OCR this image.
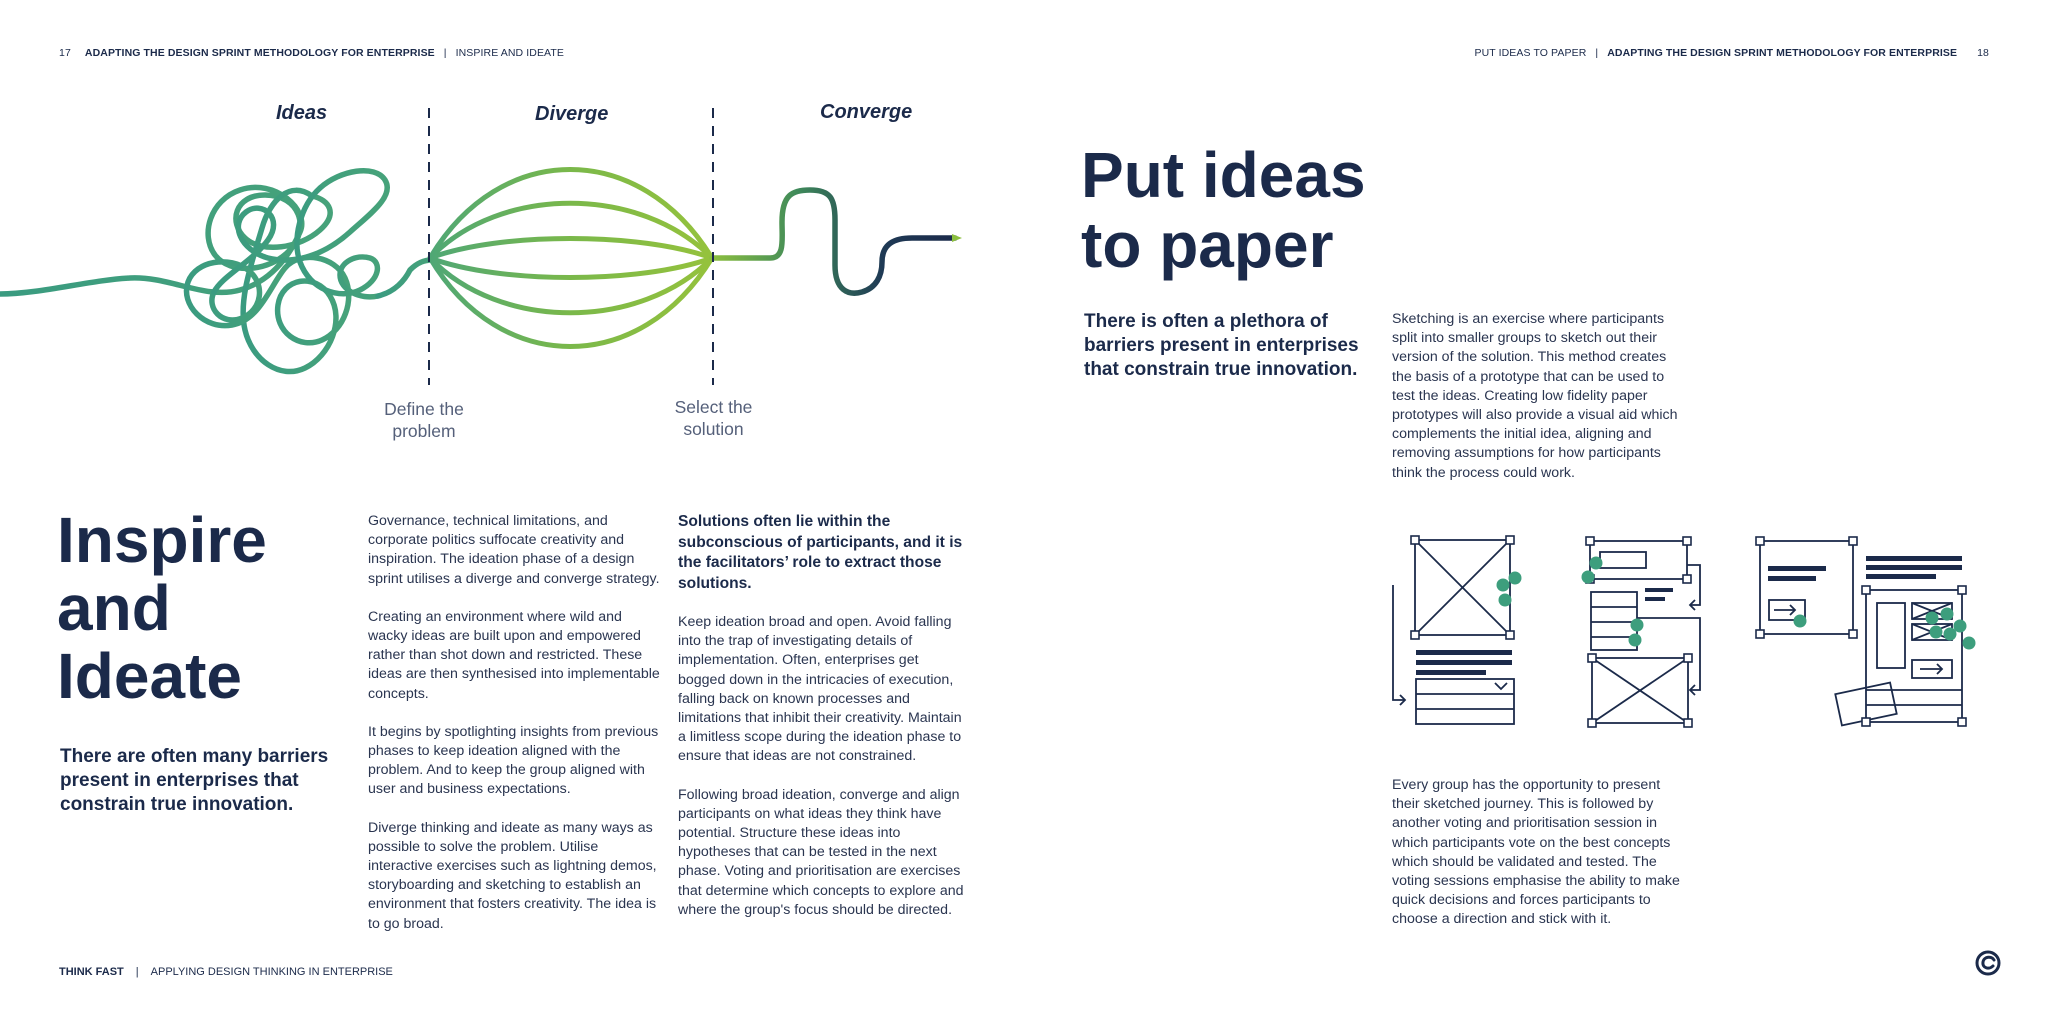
17 ADAPTING THE DESIGN SPRINT METHODOLOGY FOR ENTERPRISE | INSPIRE AND IDEATE	PUT IDEAS TO PAPER | ADAPTING THE DESIGN SPRINT METHODOLOGY FOR ENTERPRISE 18
Ideas	Diverge	Converge
Define the problem
Select the solution
Inspire
and
Ideate
There are often many barriers present in enterprises that constrain true innovation.

Governance, technical limitations, and corporate politics suffocate creativity and inspiration. The ideation phase of a design sprint utilises a diverge and converge strategy.

Creating an environment where wild and wacky ideas are built upon and empowered rather than shot down and restricted. These ideas are then synthesised into implementable concepts.

It begins by spotlighting insights from previous phases to keep ideation aligned with the problem. And to keep the group aligned with user and business expectations.

Diverge thinking and ideate as many ways as possible to solve the problem. Utilise interactive exercises such as lightning demos, storyboarding and sketching to establish an environment that fosters creativity. The idea is to go broad.

Solutions often lie within the subconscious of participants, and it is the facilitators’ role to extract those solutions.

Keep ideation broad and open. Avoid falling into the trap of investigating details of implementation. Often, enterprises get bogged down in the intricacies of execution, falling back on known processes and limitations that inhibit their creativity. Maintain a limitless scope during the ideation phase to ensure that ideas are not constrained.

Following broad ideation, converge and align participants on what ideas they think have potential. Structure these ideas into hypotheses that can be tested in the next phase. Voting and prioritisation are exercises that determine which concepts to explore and where the group's focus should be directed.

THINK FAST | APPLYING DESIGN THINKING IN ENTERPRISE
Put ideas
to paper
There is often a plethora of barriers present in enterprises that constrain true innovation.
Sketching is an exercise where participants split into smaller groups to sketch out their version of the solution. This method creates the basis of a prototype that can be used to test the ideas. Creating low fidelity paper prototypes will also provide a visual aid which complements the initial idea, aligning and removing assumptions for how participants think the process could work.
Every group has the opportunity to present their sketched journey. This is followed by another voting and prioritisation session in which participants vote on the best concepts which should be validated and tested. The voting sessions emphasise the ability to make quick decisions and forces participants to choose a direction and stick with it.
